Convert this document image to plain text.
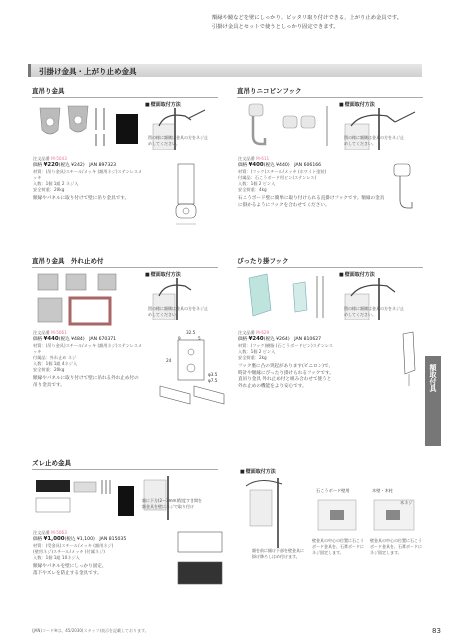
額縁や鏡などを壁にしっかり、ピッタリ取り付けできる、上がり止め金具です。
引掛け金具とセットで使うとしっかり固定できます。
引掛け金具・上がり止め金具
額取付具
直吊り金具
■ 壁面取付方法
図の様に額側は金具の方をネジ止めしてください。
注文品番 M-5043
価格 ¥220(税込 ¥242)　 JAN 897323
材質：(吊り金具)スチール/メッキ (額用ネジ)ステンレスメッキ
入数：1個 1組 2 ネジ入
安全荷重：20kg
額縁やパネルに取り付けて壁に吊り金具です。
直吊りニコピンフック
■ 壁面取付方法
図の様に額側は金具の方をネジ止めしてください。
注文品番 M-611
価格 ¥400(税込 ¥440)　 JAN 606166
材質：(フック)スチール/メッキ (ホワイト塗装)
付属品：石こうボード用ピン(ステンレス)
入数：1個 2 ピン入
安全荷重：4kg
石こうボード壁に簡単に取り付けられる直掛けフックです。額縁の金具に掛かるようにフックを合わせてください。
直吊り金具　外れ止め付
■ 壁面取付方法
図の様に額側は金具の方をネジ止めしてください。
注文品番 M-5061
価格 ¥440(税込 ¥484)　 JAN 670371
材質：(吊り金具)スチール/メッキ (額用ネジ)ステンレスメッキ
付属品：外れ止め ネジ
入数：1個 1組 4ネジ入
安全荷重：20kg
額縁やパネルに取り付けて壁に吊れる外れ止め付の吊り金具です。
32.5
9	5
24
φ3.5
φ7.5
ぴったり掛フック
■ 壁面取付方法
図の様に額側は金具の方をネジ止めしてください。
注文品番 M-629
価格 ¥240(税込 ¥264)　 JAN 810627
材質：(フック)樹脂 (石こうボードピン)ステンレス
入数：1個 2 ピン入
安全荷重：2kg
フック裏に凸の突起があります(ビニロン)で、
時計や額縁にぴったり掛けられるフックです。
直吊り金具 外れ止め付と組み合わせて使うと
外れ止めの機能をより安心です。
ズレ止め金具
■ 壁面取付方法
額に下方(2〜3mm)程度すき間を
額金具を壁にネジで取り付け
額を前に傾け下部を壁金具に
掛け降ろしはめ付けます。
石こうボード壁用	木壁・木柱
木ネジ
壁金具の中心の位置に石こうボード金具を、石膏ボードにネジ固定します。
壁金具の中心の位置に石こうボード金具を、石膏ボードにネジ固定します。
注文品番 M-5063
価格 ¥1,000(税込 ¥1,100)　 JAN 815035
材質：(受金具)スチール/メッキ (額用ネジ)
(壁用ネジ)スチール/メッキ (付属ネジ)
入数：1個 1組 10ネジ入
額縁やパネルを壁にしっかり固定、
落下やズレを防止する金具です。
(JAN)コード※は、45/2030(スタッフ)表示を記載しております。	83
